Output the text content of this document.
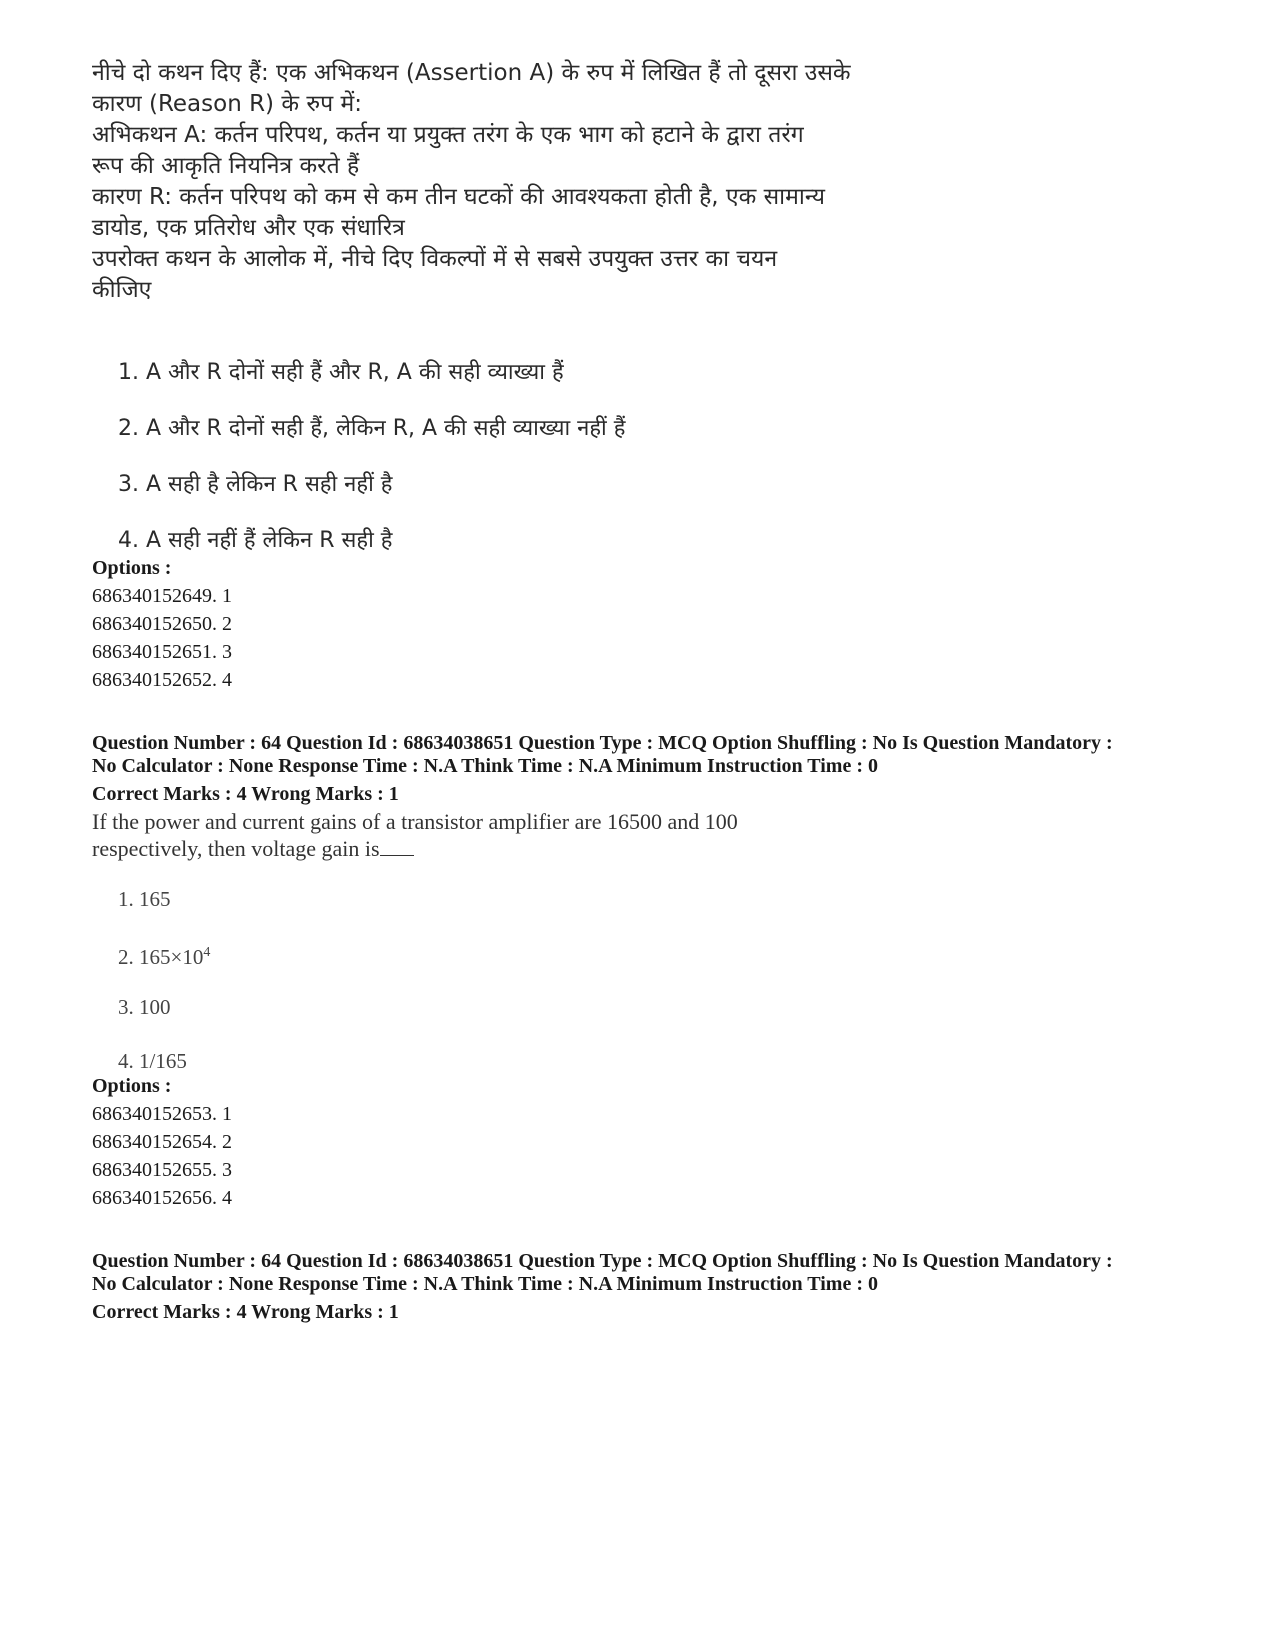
नीचे दो कथन दिए हैं: एक अभिकथन (Assertion A) के रुप में लिखित हैं तो दूसरा उसके
कारण (Reason R) के रुप में:
अभिकथन A: कर्तन परिपथ, कर्तन या प्रयुक्त तरंग के एक भाग को हटाने के द्वारा तरंग
रूप की आकृति नियनित्र करते हैं
कारण R: कर्तन परिपथ को कम से कम तीन घटकों की आवश्यकता होती है, एक सामान्य
डायोड, एक प्रतिरोध और एक संधारित्र
उपरोक्त कथन के आलोक में, नीचे दिए विकल्पों में से सबसे उपयुक्त उत्तर का चयन
कीजिए
1. A और R दोनों सही हैं और R, A की सही व्याख्या हैं
2. A और R दोनों सही हैं, लेकिन R, A की सही व्याख्या नहीं हैं
3. A सही है लेकिन R सही नहीं है
4. A सही नहीं हैं लेकिन R सही है
Options :
686340152649. 1
686340152650. 2
686340152651. 3
686340152652. 4
Question Number : 64 Question Id : 68634038651 Question Type : MCQ Option Shuffling : No Is Question Mandatory :
No Calculator : None Response Time : N.A Think Time : N.A Minimum Instruction Time : 0
Correct Marks : 4 Wrong Marks : 1
If the power and current gains of a transistor amplifier are 16500 and 100
respectively, then voltage gain is
1. 165
2. $165\times 10^4$
3. 100
4. 1/165
Options :
686340152653. 1
686340152654. 2
686340152655. 3
686340152656. 4
Question Number : 64 Question Id : 68634038651 Question Type : MCQ Option Shuffling : No Is Question Mandatory :
No Calculator : None Response Time : N.A Think Time : N.A Minimum Instruction Time : 0
Correct Marks : 4 Wrong Marks : 1
